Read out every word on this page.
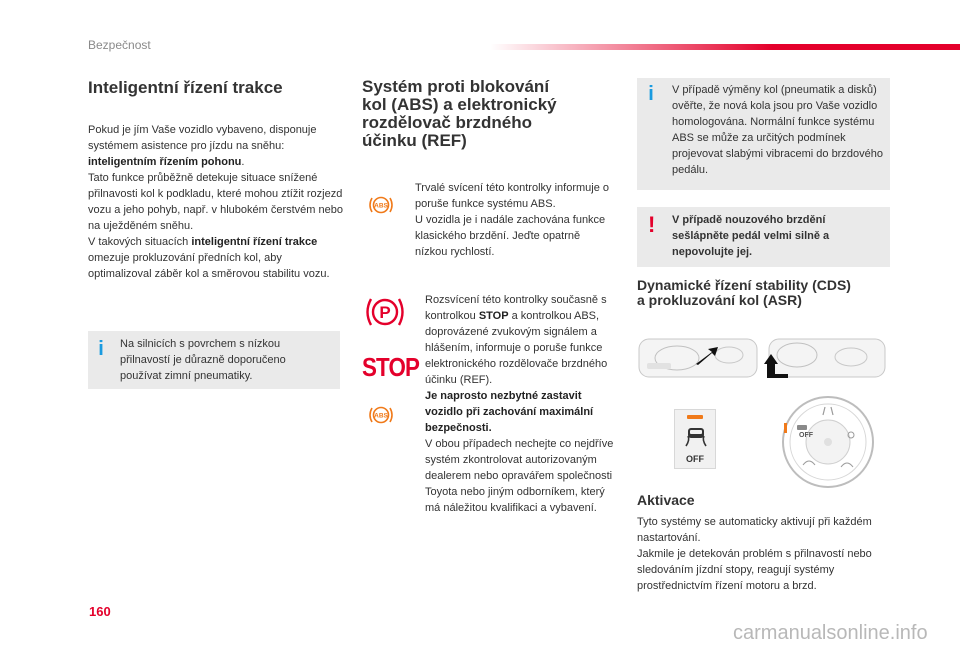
Bezpečnost
Inteligentní řízení trakce
Pokud je jím Vaše vozidlo vybaveno, disponuje systémem asistence pro jízdu na sněhu:
inteligentním řízením pohonu.
Tato funkce průběžně detekuje situace snížené přilnavosti kol k podkladu, které mohou ztížit rozjezd vozu a jeho pohyb, např. v hlubokém čerstvém nebo na uježděném sněhu.
V takových situacích inteligentní řízení trakce omezuje prokluzování předních kol, aby optimalizoval záběr kol a směrovou stabilitu vozu.
i Na silnicích s povrchem s nízkou přilnavostí je důrazně doporučeno používat zimní pneumatiky.
Systém proti blokování
kol (ABS) a elektronický
rozdělovač brzdného
účinku (REF)
ABS
Trvalé svícení této kontrolky informuje o poruše funkce systému ABS.
U vozidla je i nadále zachována funkce klasického brzdění. Jeďte opatrně nízkou rychlostí.
P
STOP
ABS
Rozsvícení této kontrolky současně s kontrolkou STOP a kontrolkou ABS, doprovázené zvukovým signálem a hlášením, informuje o poruše funkce elektronického rozdělovače brzdného účinku (REF).
Je naprosto nezbytné zastavit vozidlo při zachování maximální bezpečnosti.
V obou případech nechejte co nejdříve systém zkontrolovat autorizovaným dealerem nebo opravářem společnosti Toyota nebo jiným odborníkem, který má náležitou kvalifikaci a vybavení.
i V případě výměny kol (pneumatik a disků) ověřte, že nová kola jsou pro Vaše vozidlo homologována. Normální funkce systému ABS se může za určitých podmínek projevovat slabými vibracemi do brzdového pedálu.
! V případě nouzového brzdění sešlápněte pedál velmi silně a nepovolujte jej.
Dynamické řízení stability (CDS)
a prokluzování kol (ASR)
OFF
OFF
Aktivace
Tyto systémy se automaticky aktivují při každém nastartování.
Jakmile je detekován problém s přilnavostí nebo sledováním jízdní stopy, reagují systémy prostřednictvím řízení motoru a brzd.
160
carmanualsonline.info
